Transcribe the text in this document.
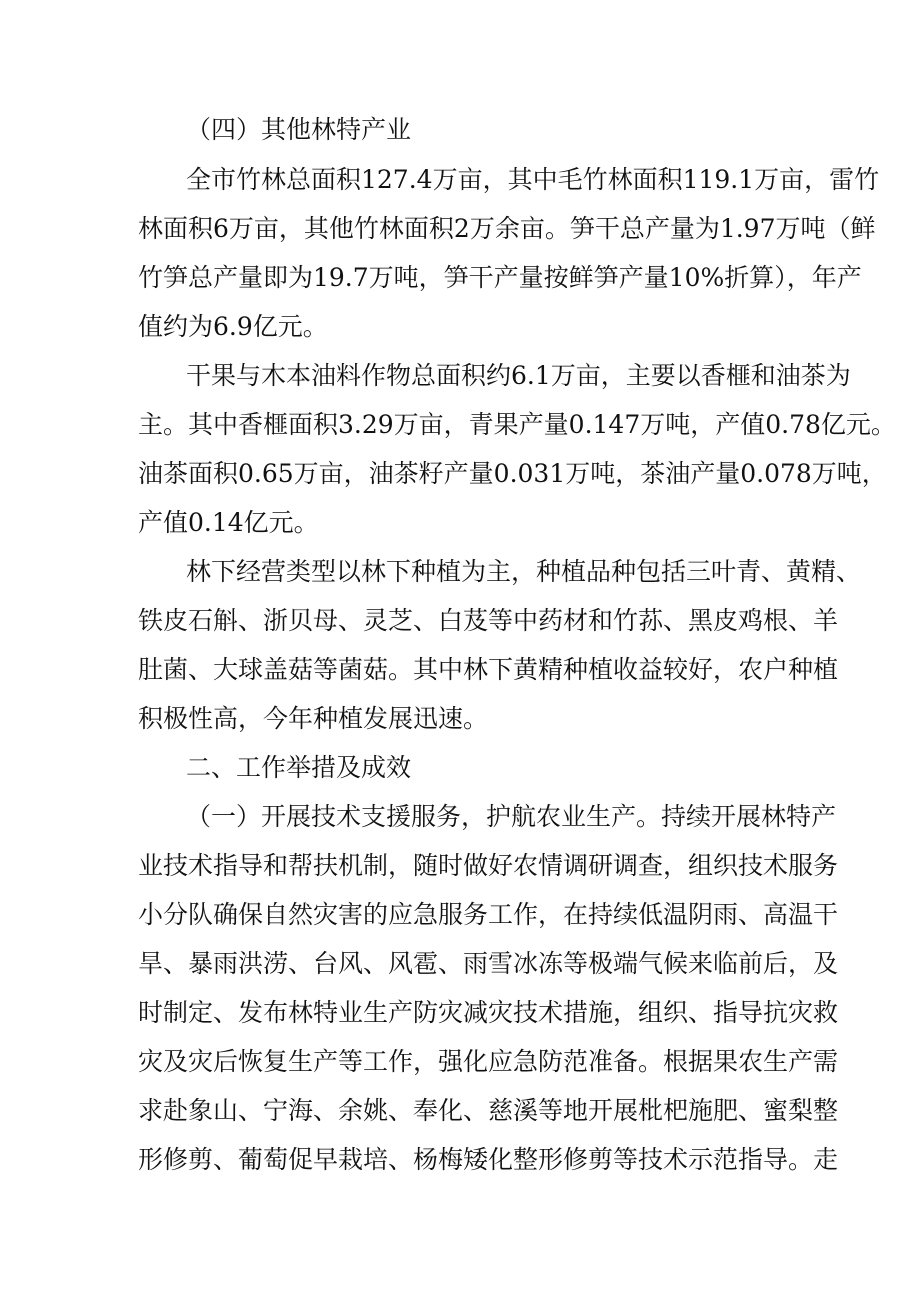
（四）其他林特产业
全市竹林总面积127.4万亩，其中毛竹林面积119.1万亩，雷竹
林面积6万亩，其他竹林面积2万余亩。笋干总产量为1.97万吨（鲜
竹笋总产量即为19.7万吨，笋干产量按鲜笋产量10%折算），年产
值约为6.9亿元。
干果与木本油料作物总面积约6.1万亩，主要以香榧和油茶为
主。其中香榧面积3.29万亩，青果产量0.147万吨，产值0.78亿元。
油茶面积0.65万亩，油茶籽产量0.031万吨，茶油产量0.078万吨，
产值0.14亿元。
林下经营类型以林下种植为主，种植品种包括三叶青、黄精、
铁皮石斛、浙贝母、灵芝、白芨等中药材和竹荪、黑皮鸡根、羊
肚菌、大球盖菇等菌菇。其中林下黄精种植收益较好，农户种植
积极性高，今年种植发展迅速。
二、工作举措及成效
（一）开展技术支援服务，护航农业生产。持续开展林特产
业技术指导和帮扶机制，随时做好农情调研调查，组织技术服务
小分队确保自然灾害的应急服务工作，在持续低温阴雨、高温干
旱、暴雨洪涝、台风、风雹、雨雪冰冻等极端气候来临前后，及
时制定、发布林特业生产防灾减灾技术措施，组织、指导抗灾救
灾及灾后恢复生产等工作，强化应急防范准备。根据果农生产需
求赴象山、宁海、余姚、奉化、慈溪等地开展枇杷施肥、蜜梨整
形修剪、葡萄促早栽培、杨梅矮化整形修剪等技术示范指导。走
